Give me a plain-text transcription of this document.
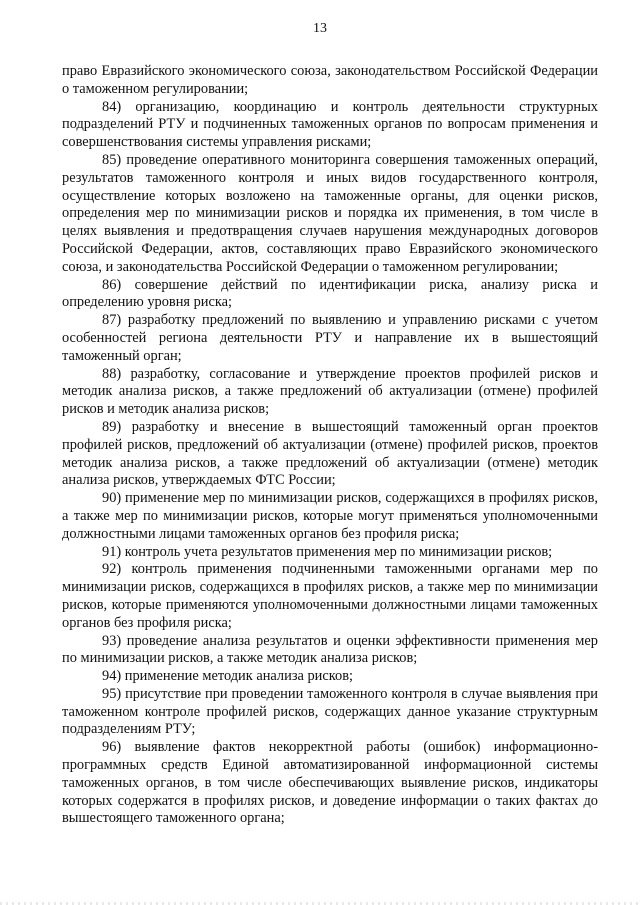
13

право Евразийского экономического союза, законодательством Российской Федерации о таможенном регулировании;

84) организацию, координацию и контроль деятельности структурных подразделений РТУ и подчиненных таможенных органов по вопросам применения и совершенствования системы управления рисками;

85) проведение оперативного мониторинга совершения таможенных операций, результатов таможенного контроля и иных видов государственного контроля, осуществление которых возложено на таможенные органы, для оценки рисков, определения мер по минимизации рисков и порядка их применения, в том числе в целях выявления и предотвращения случаев нарушения международных договоров Российской Федерации, актов, составляющих право Евразийского экономического союза, и законодательства Российской Федерации о таможенном регулировании;

86) совершение действий по идентификации риска, анализу риска и определению уровня риска;

87) разработку предложений по выявлению и управлению рисками с учетом особенностей региона деятельности РТУ и направление их в вышестоящий таможенный орган;

88) разработку, согласование и утверждение проектов профилей рисков и методик анализа рисков, а также предложений об актуализации (отмене) профилей рисков и методик анализа рисков;

89) разработку и внесение в вышестоящий таможенный орган проектов профилей рисков, предложений об актуализации (отмене) профилей рисков, проектов методик анализа рисков, а также предложений об актуализации (отмене) методик анализа рисков, утверждаемых ФТС России;

90) применение мер по минимизации рисков, содержащихся в профилях рисков, а также мер по минимизации рисков, которые могут применяться уполномоченными должностными лицами таможенных органов без профиля риска;

91) контроль учета результатов применения мер по минимизации рисков;

92) контроль применения подчиненными таможенными органами мер по минимизации рисков, содержащихся в профилях рисков, а также мер по минимизации рисков, которые применяются уполномоченными должностными лицами таможенных органов без профиля риска;

93) проведение анализа результатов и оценки эффективности применения мер по минимизации рисков, а также методик анализа рисков;

94) применение методик анализа рисков;

95) присутствие при проведении таможенного контроля в случае выявления при таможенном контроле профилей рисков, содержащих данное указание структурным подразделениям РТУ;

96) выявление фактов некорректной работы (ошибок) информационно-программных средств Единой автоматизированной информационной системы таможенных органов, в том числе обеспечивающих выявление рисков, индикаторы которых содержатся в профилях рисков, и доведение информации о таких фактах до вышестоящего таможенного органа;
